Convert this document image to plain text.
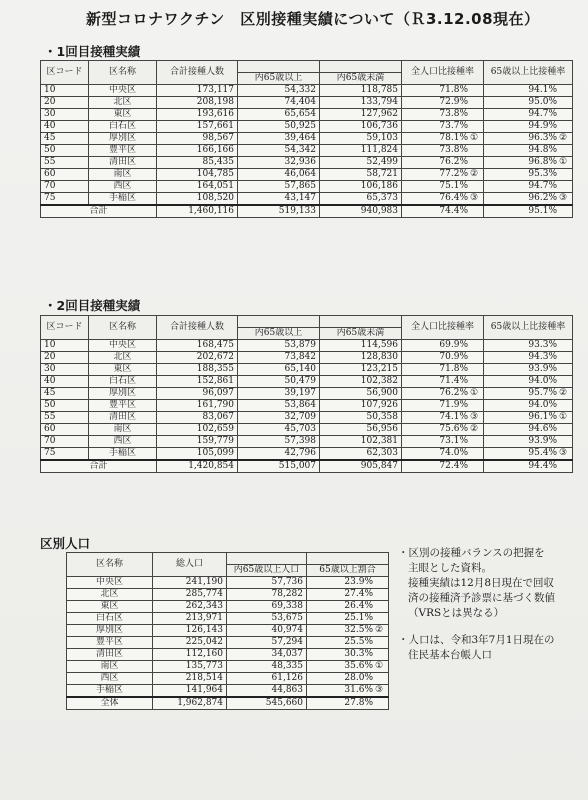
新型コロナワクチン　区別接種実績について（Ｒ3.12.08現在）
・1回目接種実績
区コード	区名称	合計接種人数			全人口比接種率	65歳以上比接種率
			内65歳以上	内65歳未満		
10	中央区	173,117	54,332	118,785	71.8%	94.1%
20	北区	208,198	74,404	133,794	72.9%	95.0%
30	東区	193,616	65,654	127,962	73.8%	94.7%
40	白石区	157,661	50,925	106,736	73.7%	94.9%
45	厚別区	98,567	39,464	59,103	78.1% ①	96.3% ②
50	豊平区	166,166	54,342	111,824	73.8%	94.8%
55	清田区	85,435	32,936	52,499	76.2%	96.8% ①
60	南区	104,785	46,064	58,721	77.2% ②	95.3%
70	西区	164,051	57,865	106,186	75.1%	94.7%
75	手稲区	108,520	43,147	65,373	76.4% ③	96.2% ③
合計		1,460,116	519,133	940,983	74.4%	95.1%
・2回目接種実績
区コード	区名称	合計接種人数			全人口比接種率	65歳以上比接種率
			内65歳以上	内65歳未満		
10	中央区	168,475	53,879	114,596	69.9%	93.3%
20	北区	202,672	73,842	128,830	70.9%	94.3%
30	東区	188,355	65,140	123,215	71.8%	93.9%
40	白石区	152,861	50,479	102,382	71.4%	94.0%
45	厚別区	96,097	39,197	56,900	76.2% ①	95.7% ②
50	豊平区	161,790	53,864	107,926	71.9%	94.0%
55	清田区	83,067	32,709	50,358	74.1% ③	96.1% ①
60	南区	102,659	45,703	56,956	75.6% ②	94.6%
70	西区	159,779	57,398	102,381	73.1%	93.9%
75	手稲区	105,099	42,796	62,303	74.0%	95.4% ③
合計		1,420,854	515,007	905,847	72.4%	94.4%
区別人口
区名称	総人口		
		内65歳以上人口	65歳以上割合
中央区	241,190	57,736	23.9%
北区	285,774	78,282	27.4%
東区	262,343	69,338	26.4%
白石区	213,971	53,675	25.1%
厚別区	126,143	40,974	32.5% ②
豊平区	225,042	57,294	25.5%
清田区	112,160	34,037	30.3%
南区	135,773	48,335	35.6% ①
西区	218,514	61,126	28.0%
手稲区	141,964	44,863	31.6% ③
全体	1,962,874	545,660	27.8%

・区別の接種バランスの把握を
主眼とした資料。
接種実績は12月8日現在で回収
済の接種済予診票に基づく数値
（VRSとは異なる）

・人口は、令和3年7月1日現在の
住民基本台帳人口
